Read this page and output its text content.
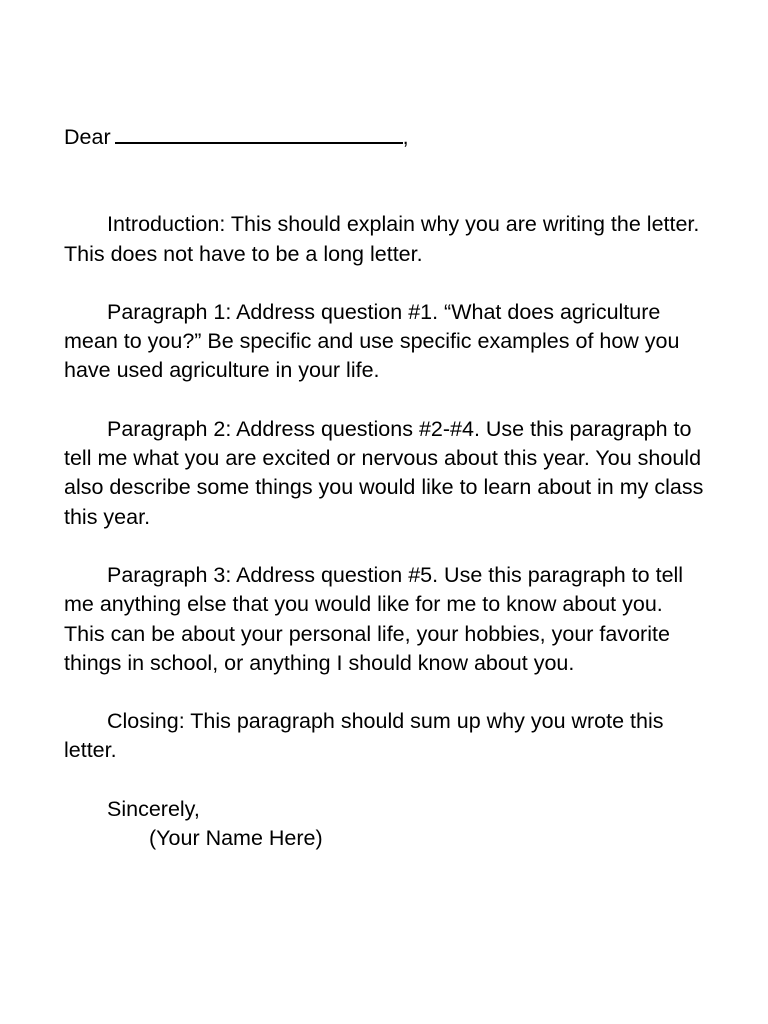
Dear	,

Introduction: This should explain why you are writing the letter. This does not have to be a long letter.

Paragraph 1: Address question #1. “What does agriculture mean to you?” Be specific and use specific examples of how you have used agriculture in your life.

Paragraph 2: Address questions #2-#4. Use this paragraph to tell me what you are excited or nervous about this year. You should also describe some things you would like to learn about in my class this year.

Paragraph 3: Address question #5. Use this paragraph to tell me anything else that you would like for me to know about you. This can be about your personal life, your hobbies, your favorite things in school, or anything I should know about you.

Closing: This paragraph should sum up why you wrote this letter.

Sincerely,

(Your Name Here)
